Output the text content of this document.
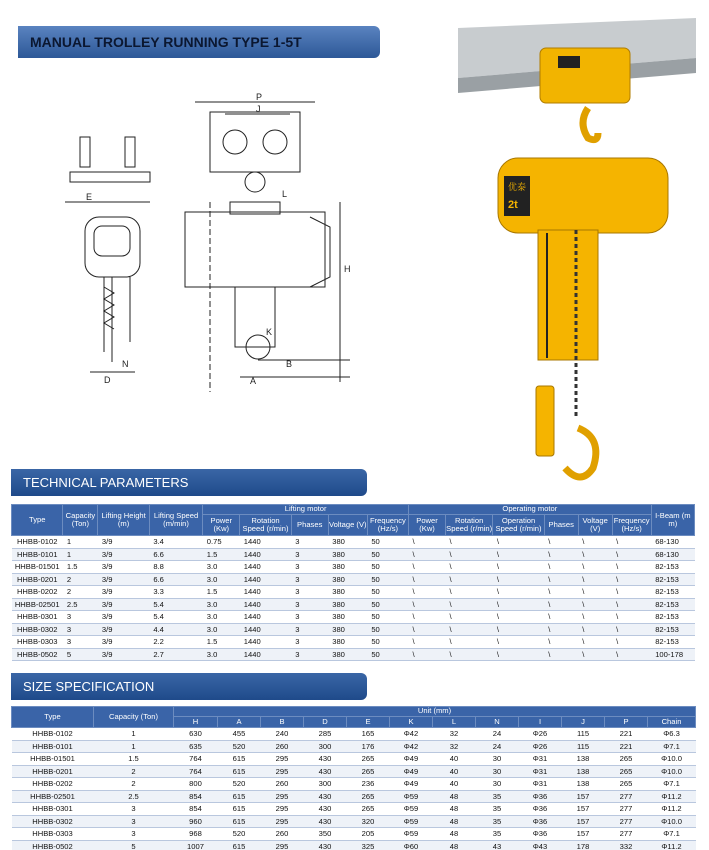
MANUAL TROLLEY RUNNING TYPE 1-5T
P
J
E	L
H
K
N
D
B
A
优泰
2t
TECHNICAL PARAMETERS
Type	Capacity (Ton)	Lifting Height (m)	Lifting Speed (m/min)	Lifting motor					Operating motor						I-Beam (m m)
				Power (Kw)	Rotation Speed (r/min)	Phases	Voltage (V)	Frequency (Hz/s)	Power (Kw)	Rotation Speed (r/min)	Operation Speed (r/min)	Phases	Voltage (V)	Frequency (Hz/s)	
HHBB-0102	1	3/9	3.4	0.75	1440	3	380	50	\	\	\	\	\	\	68-130
HHBB-0101	1	3/9	6.6	1.5	1440	3	380	50	\	\	\	\	\	\	68-130
HHBB-01501	1.5	3/9	8.8	3.0	1440	3	380	50	\	\	\	\	\	\	82-153
HHBB-0201	2	3/9	6.6	3.0	1440	3	380	50	\	\	\	\	\	\	82-153
HHBB-0202	2	3/9	3.3	1.5	1440	3	380	50	\	\	\	\	\	\	82-153
HHBB-02501	2.5	3/9	5.4	3.0	1440	3	380	50	\	\	\	\	\	\	82-153
HHBB-0301	3	3/9	5.4	3.0	1440	3	380	50	\	\	\	\	\	\	82-153
HHBB-0302	3	3/9	4.4	3.0	1440	3	380	50	\	\	\	\	\	\	82-153
HHBB-0303	3	3/9	2.2	1.5	1440	3	380	50	\	\	\	\	\	\	82-153
HHBB-0502	5	3/9	2.7	3.0	1440	3	380	50	\	\	\	\	\	\	100-178
SIZE SPECIFICATION
Type	Capacity (Ton)	Unit (mm)											
		H	A	B	D	E	K	L	N	I	J	P	Chain
HHBB-0102	1	630	455	240	285	165	Φ42	32	24	Φ26	115	221	Φ6.3
HHBB-0101	1	635	520	260	300	176	Φ42	32	24	Φ26	115	221	Φ7.1
HHBB-01501	1.5	764	615	295	430	265	Φ49	40	30	Φ31	138	265	Φ10.0
HHBB-0201	2	764	615	295	430	265	Φ49	40	30	Φ31	138	265	Φ10.0
HHBB-0202	2	800	520	260	300	236	Φ49	40	30	Φ31	138	265	Φ7.1
HHBB-02501	2.5	854	615	295	430	265	Φ59	48	35	Φ36	157	277	Φ11.2
HHBB-0301	3	854	615	295	430	265	Φ59	48	35	Φ36	157	277	Φ11.2
HHBB-0302	3	960	615	295	430	320	Φ59	48	35	Φ36	157	277	Φ10.0
HHBB-0303	3	968	520	260	350	205	Φ59	48	35	Φ36	157	277	Φ7.1
HHBB-0502	5	1007	615	295	430	325	Φ60	48	43	Φ43	178	332	Φ11.2
